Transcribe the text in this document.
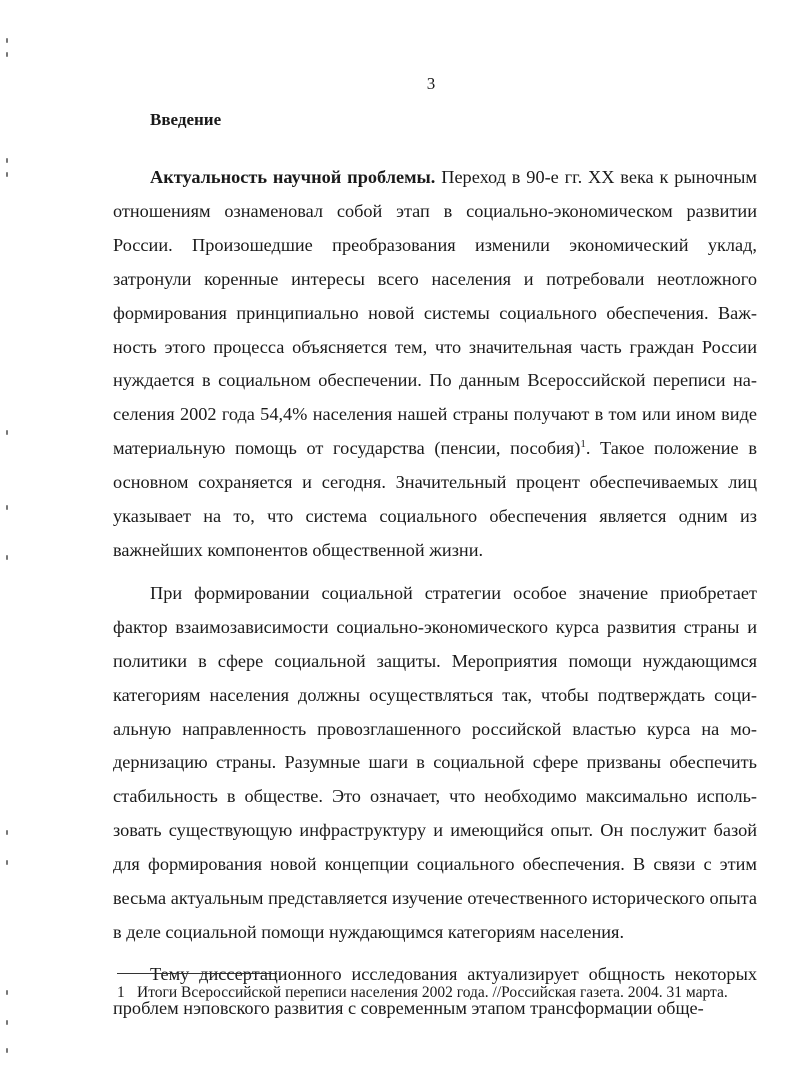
3
Введение

Актуальность научной проблемы. Переход в 90-е гг. XX века к рыночным отношениям ознаменовал собой этап в социально-экономическом развитии России. Произошедшие преобразования изменили экономический уклад, затронули коренные интересы всего населения и потребовали неотложного формирования принципиально новой системы социального обеспечения. Важность этого процесса объясняется тем, что значительная часть граждан России нуждается в социальном обеспечении. По данным Всероссийской переписи населения 2002 года 54,4% населения нашей страны получают в том или ином виде материальную помощь от государства (пенсии, пособия)$^1$. Такое положение в основном сохраняется и сегодня. Значительный процент обеспечиваемых лиц указывает на то, что система социального обеспечения является одним из важнейших компонентов общественной жизни.

При формировании социальной стратегии особое значение приобретает фактор взаимозависимости социально-экономического курса развития страны и политики в сфере социальной защиты. Мероприятия помощи нуждающимся категориям населения должны осуществляться так, чтобы подтверждать социальную направленность провозглашенного российской властью курса на модернизацию страны. Разумные шаги в социальной сфере призваны обеспечить стабильность в обществе. Это означает, что необходимо максимально использовать существующую инфраструктуру и имеющийся опыт. Он послужит базой для формирования новой концепции социального обеспечения. В связи с этим весьма актуальным представляется изучение отечественного исторического опыта в деле социальной помощи нуждающимся категориям населения.

Тему диссертационного исследования актуализирует общность некоторых проблем нэповского развития с современным этапом трансформации обще-

1 Итоги Всероссийской переписи населения 2002 года. //Российская газета. 2004. 31 марта.
